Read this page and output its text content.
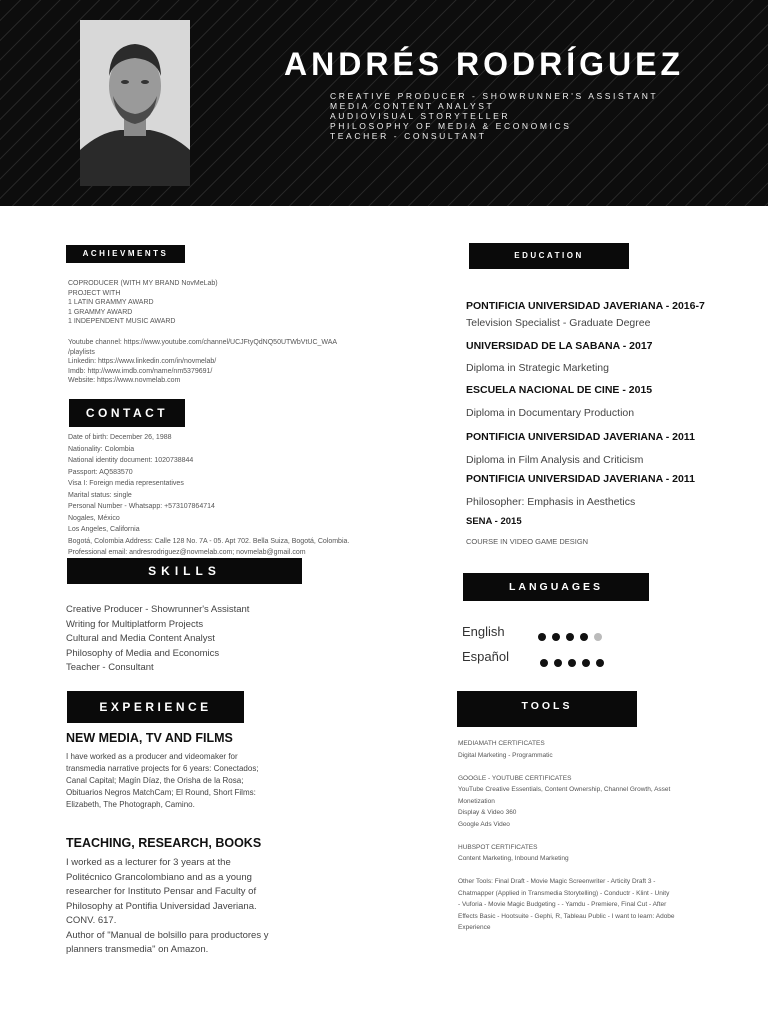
ANDRÉS RODRÍGUEZ
CREATIVE PRODUCER - SHOWRUNNER'S ASSISTANT
MEDIA CONTENT ANALYST
AUDIOVISUAL STORYTELLER
PHILOSOPHY OF MEDIA & ECONOMICS
TEACHER - CONSULTANT
ACHIEVMENTS
COPRODUCER (WITH MY BRAND NovMeLab)
PROJECT WITH
1 LATIN GRAMMY AWARD
1 GRAMMY AWARD
1 INDEPENDENT MUSIC AWARD
Youtube channel: https://www.youtube.com/channel/UCJFtyQdNQ50UTWbVtUC_WAA
/playlists
Linkedin: https://www.linkedin.com/in/novmelab/
Imdb: http://www.imdb.com/name/nm5379691/
Website: https://www.novmelab.com
CONTACT
Date of birth: December 26, 1988
Nationality: Colombia
National identity document: 1020738844
Passport: AQ583570
Visa I: Foreign media representatives
Marital status: single
Personal Number - Whatsapp: +573107864714
Nogales, México
Los Angeles, California
Bogotá, Colombia Address: Calle 128 No. 7A - 05. Apt 702. Bella Suiza, Bogotá, Colombia.
Professional email: andresrodriguez@novmelab.com; novmelab@gmail.com
SKILLS
Creative Producer - Showrunner's Assistant
Writing for Multiplatform Projects
Cultural and Media Content Analyst
Philosophy of Media and Economics
Teacher - Consultant
EXPERIENCE
NEW MEDIA, TV AND FILMS
I have worked as a producer and videomaker for
transmedia narrative projects for 6 years: Conectados;
Canal Capital; Magín Díaz, the Orisha de la Rosa;
Obituarios Negros MatchCam; El Round, Short Films:
Elizabeth, The Photograph, Camino.
TEACHING, RESEARCH, BOOKS
I worked as a lecturer for 3 years at the
Politécnico Grancolombiano and as a young
researcher for Instituto Pensar and Faculty of
Philosophy at Pontifia Universidad Javeriana.
CONV. 617.
Author of "Manual de bolsillo para productores y
planners transmedia" on Amazon.
EDUCATION
PONTIFICIA UNIVERSIDAD JAVERIANA - 2016-7
Television Specialist - Graduate Degree
UNIVERSIDAD DE LA SABANA - 2017
Diploma in Strategic Marketing
ESCUELA NACIONAL DE CINE - 2015
Diploma in Documentary Production
PONTIFICIA UNIVERSIDAD JAVERIANA - 2011
Diploma in Film Analysis and Criticism
PONTIFICIA UNIVERSIDAD JAVERIANA - 2011
Philosopher: Emphasis in Aesthetics
SENA - 2015
COURSE IN VIDEO GAME DESIGN
LANGUAGES
English
Español
TOOLS
MEDIAMATH CERTIFICATES
Digital Marketing - Programmatic

GOOGLE - YOUTUBE CERTIFICATES
YouTube Creative Essentials, Content Ownership, Channel Growth, Asset
Monetization
Display & Video 360
Google Ads Video

HUBSPOT CERTIFICATES
Content Marketing, Inbound Marketing

Other Tools: Final Draft - Movie Magic Screenwriter - Articity Draft 3 -
Chatmapper (Applied in Transmedia Storytelling) - Conductr - Klint - Unity
- Vuforia - Movie Magic Budgeting - - Yamdu - Premiere, Final Cut - After
Effects Basic - Hootsuite - Gephi, R, Tableau Public - I want to learn: Adobe
Experience
